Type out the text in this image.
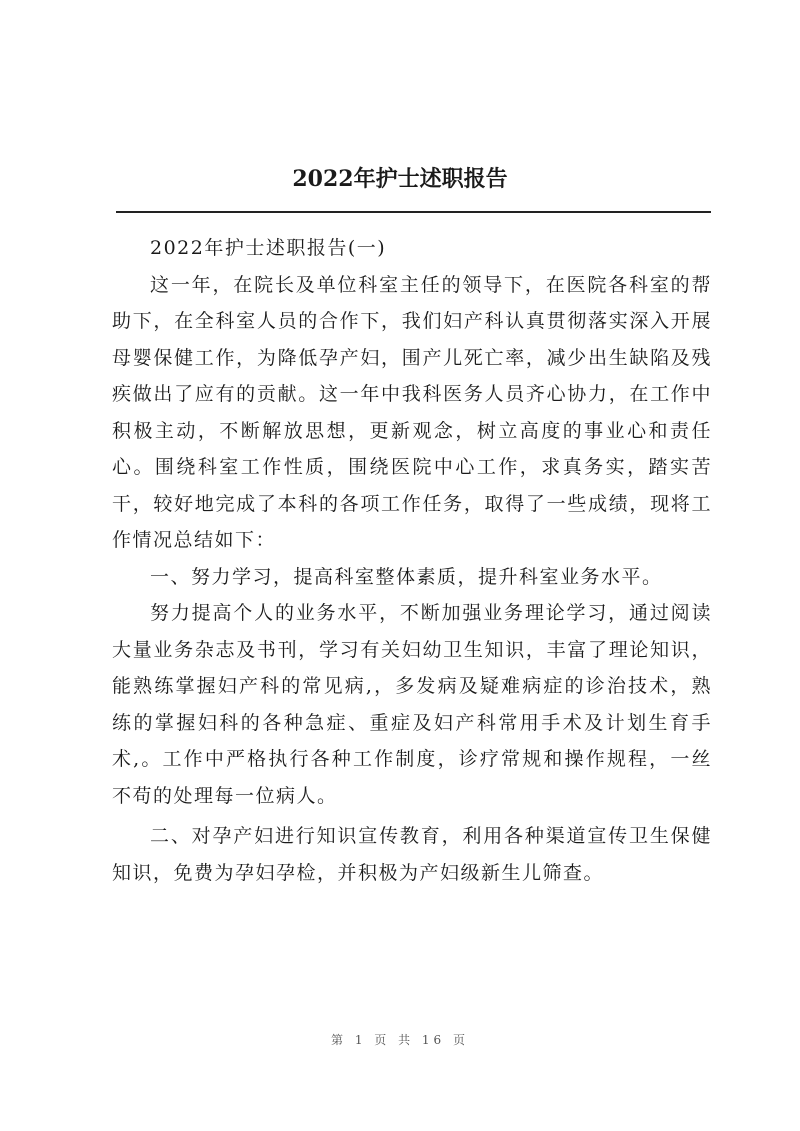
2022年护士述职报告

2022年护士述职报告(一)

这一年，在院长及单位科室主任的领导下，在医院各科室的帮助下，在全科室人员的合作下，我们妇产科认真贯彻落实深入开展母婴保健工作，为降低孕产妇，围产儿死亡率，减少出生缺陷及残疾做出了应有的贡献。这一年中我科医务人员齐心协力，在工作中积极主动，不断解放思想，更新观念，树立高度的事业心和责任心。围绕科室工作性质，围绕医院中心工作，求真务实，踏实苦干，较好地完成了本科的各项工作任务，取得了一些成绩，现将工作情况总结如下：

一、努力学习，提高科室整体素质，提升科室业务水平。

努力提高个人的业务水平，不断加强业务理论学习，通过阅读大量业务杂志及书刊，学习有关妇幼卫生知识，丰富了理论知识，能熟练掌握妇产科的常见病,，多发病及疑难病症的诊治技术，熟练的掌握妇科的各种急症、重症及妇产科常用手术及计划生育手术,。工作中严格执行各种工作制度，诊疗常规和操作规程，一丝不苟的处理每一位病人。

二、对孕产妇进行知识宣传教育，利用各种渠道宣传卫生保健知识，免费为孕妇孕检，并积极为产妇级新生儿筛查。

第 1 页 共 16 页
